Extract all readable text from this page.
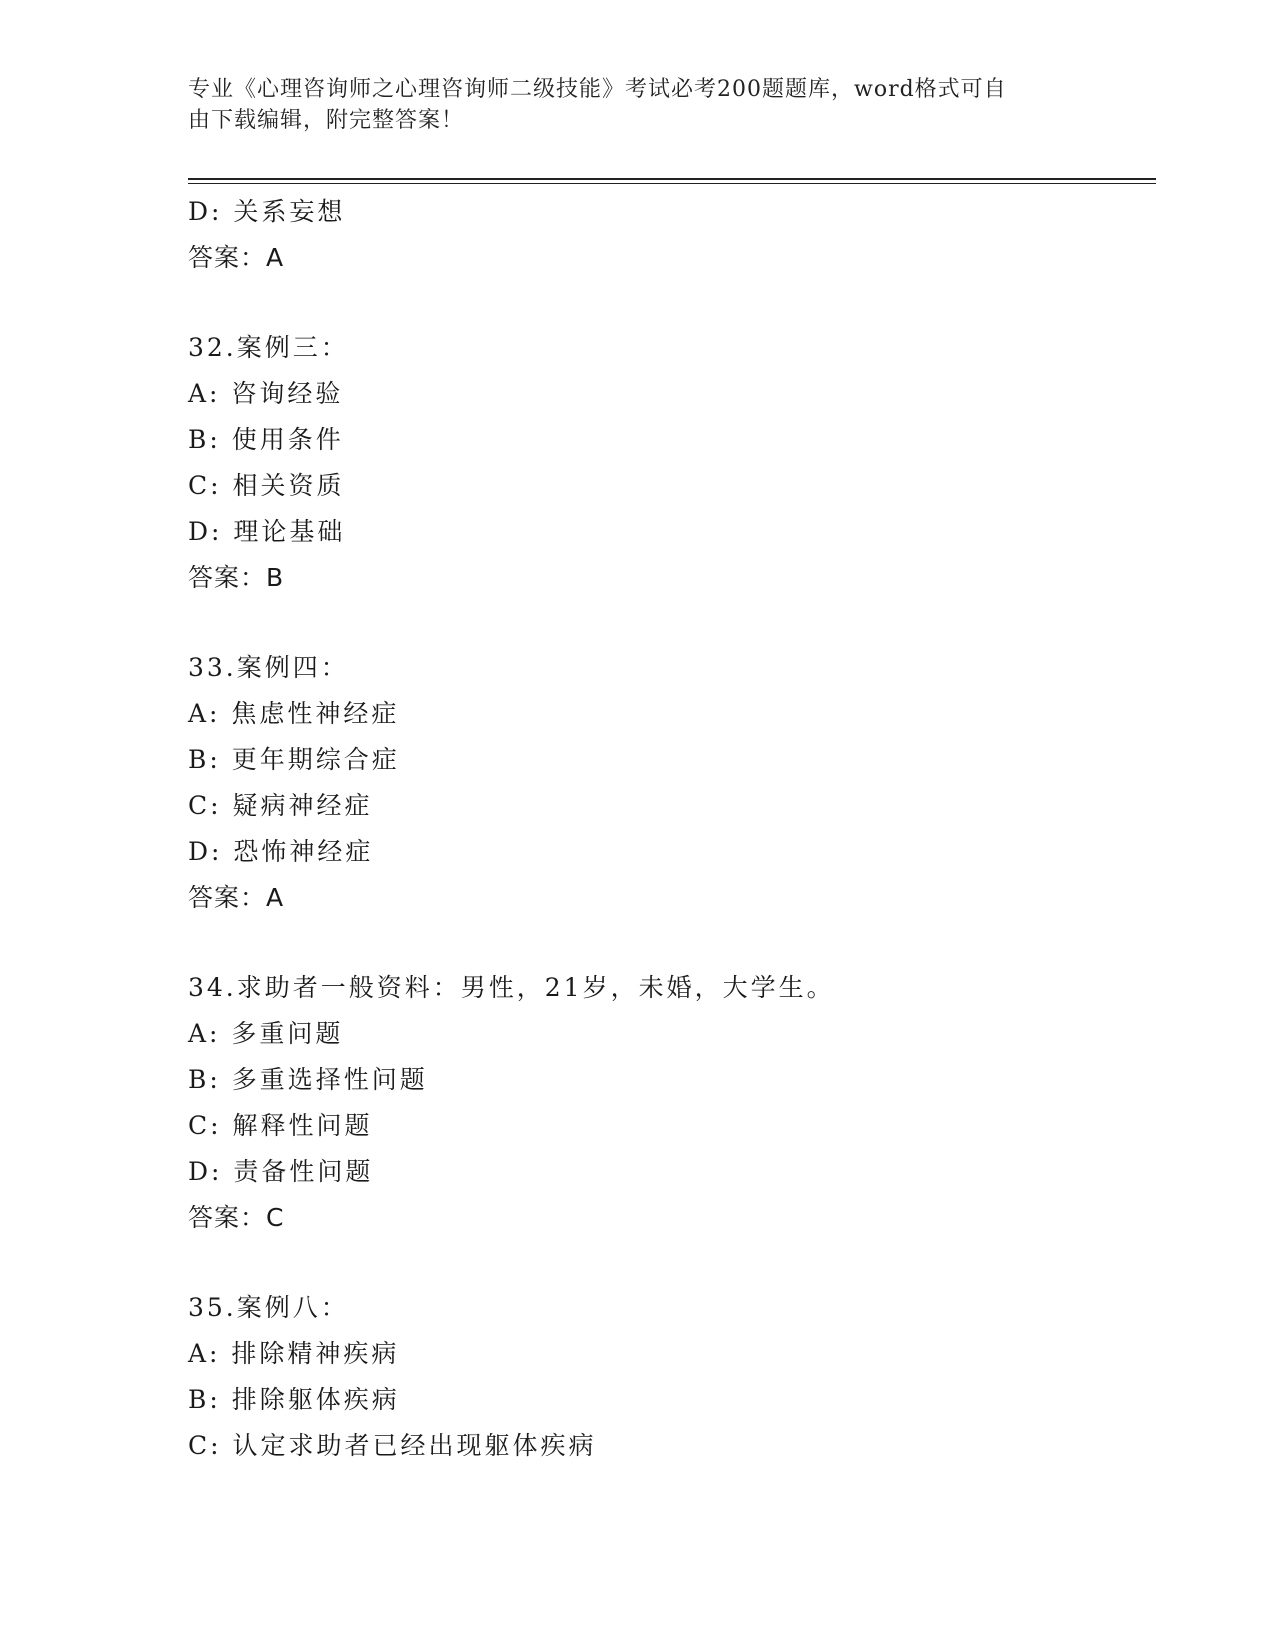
专业《心理咨询师之心理咨询师二级技能》考试必考200题题库，word格式可自
由下载编辑，附完整答案！
D: 关系妄想
答案：A
32.案例三：
A: 咨询经验
B: 使用条件
C: 相关资质
D: 理论基础
答案：B
33.案例四：
A: 焦虑性神经症
B: 更年期综合症
C: 疑病神经症
D: 恐怖神经症
答案：A
34.求助者一般资料：男性，21岁，未婚，大学生。
A: 多重问题
B: 多重选择性问题
C: 解释性问题
D: 责备性问题
答案：C
35.案例八：
A: 排除精神疾病
B: 排除躯体疾病
C: 认定求助者已经出现躯体疾病
